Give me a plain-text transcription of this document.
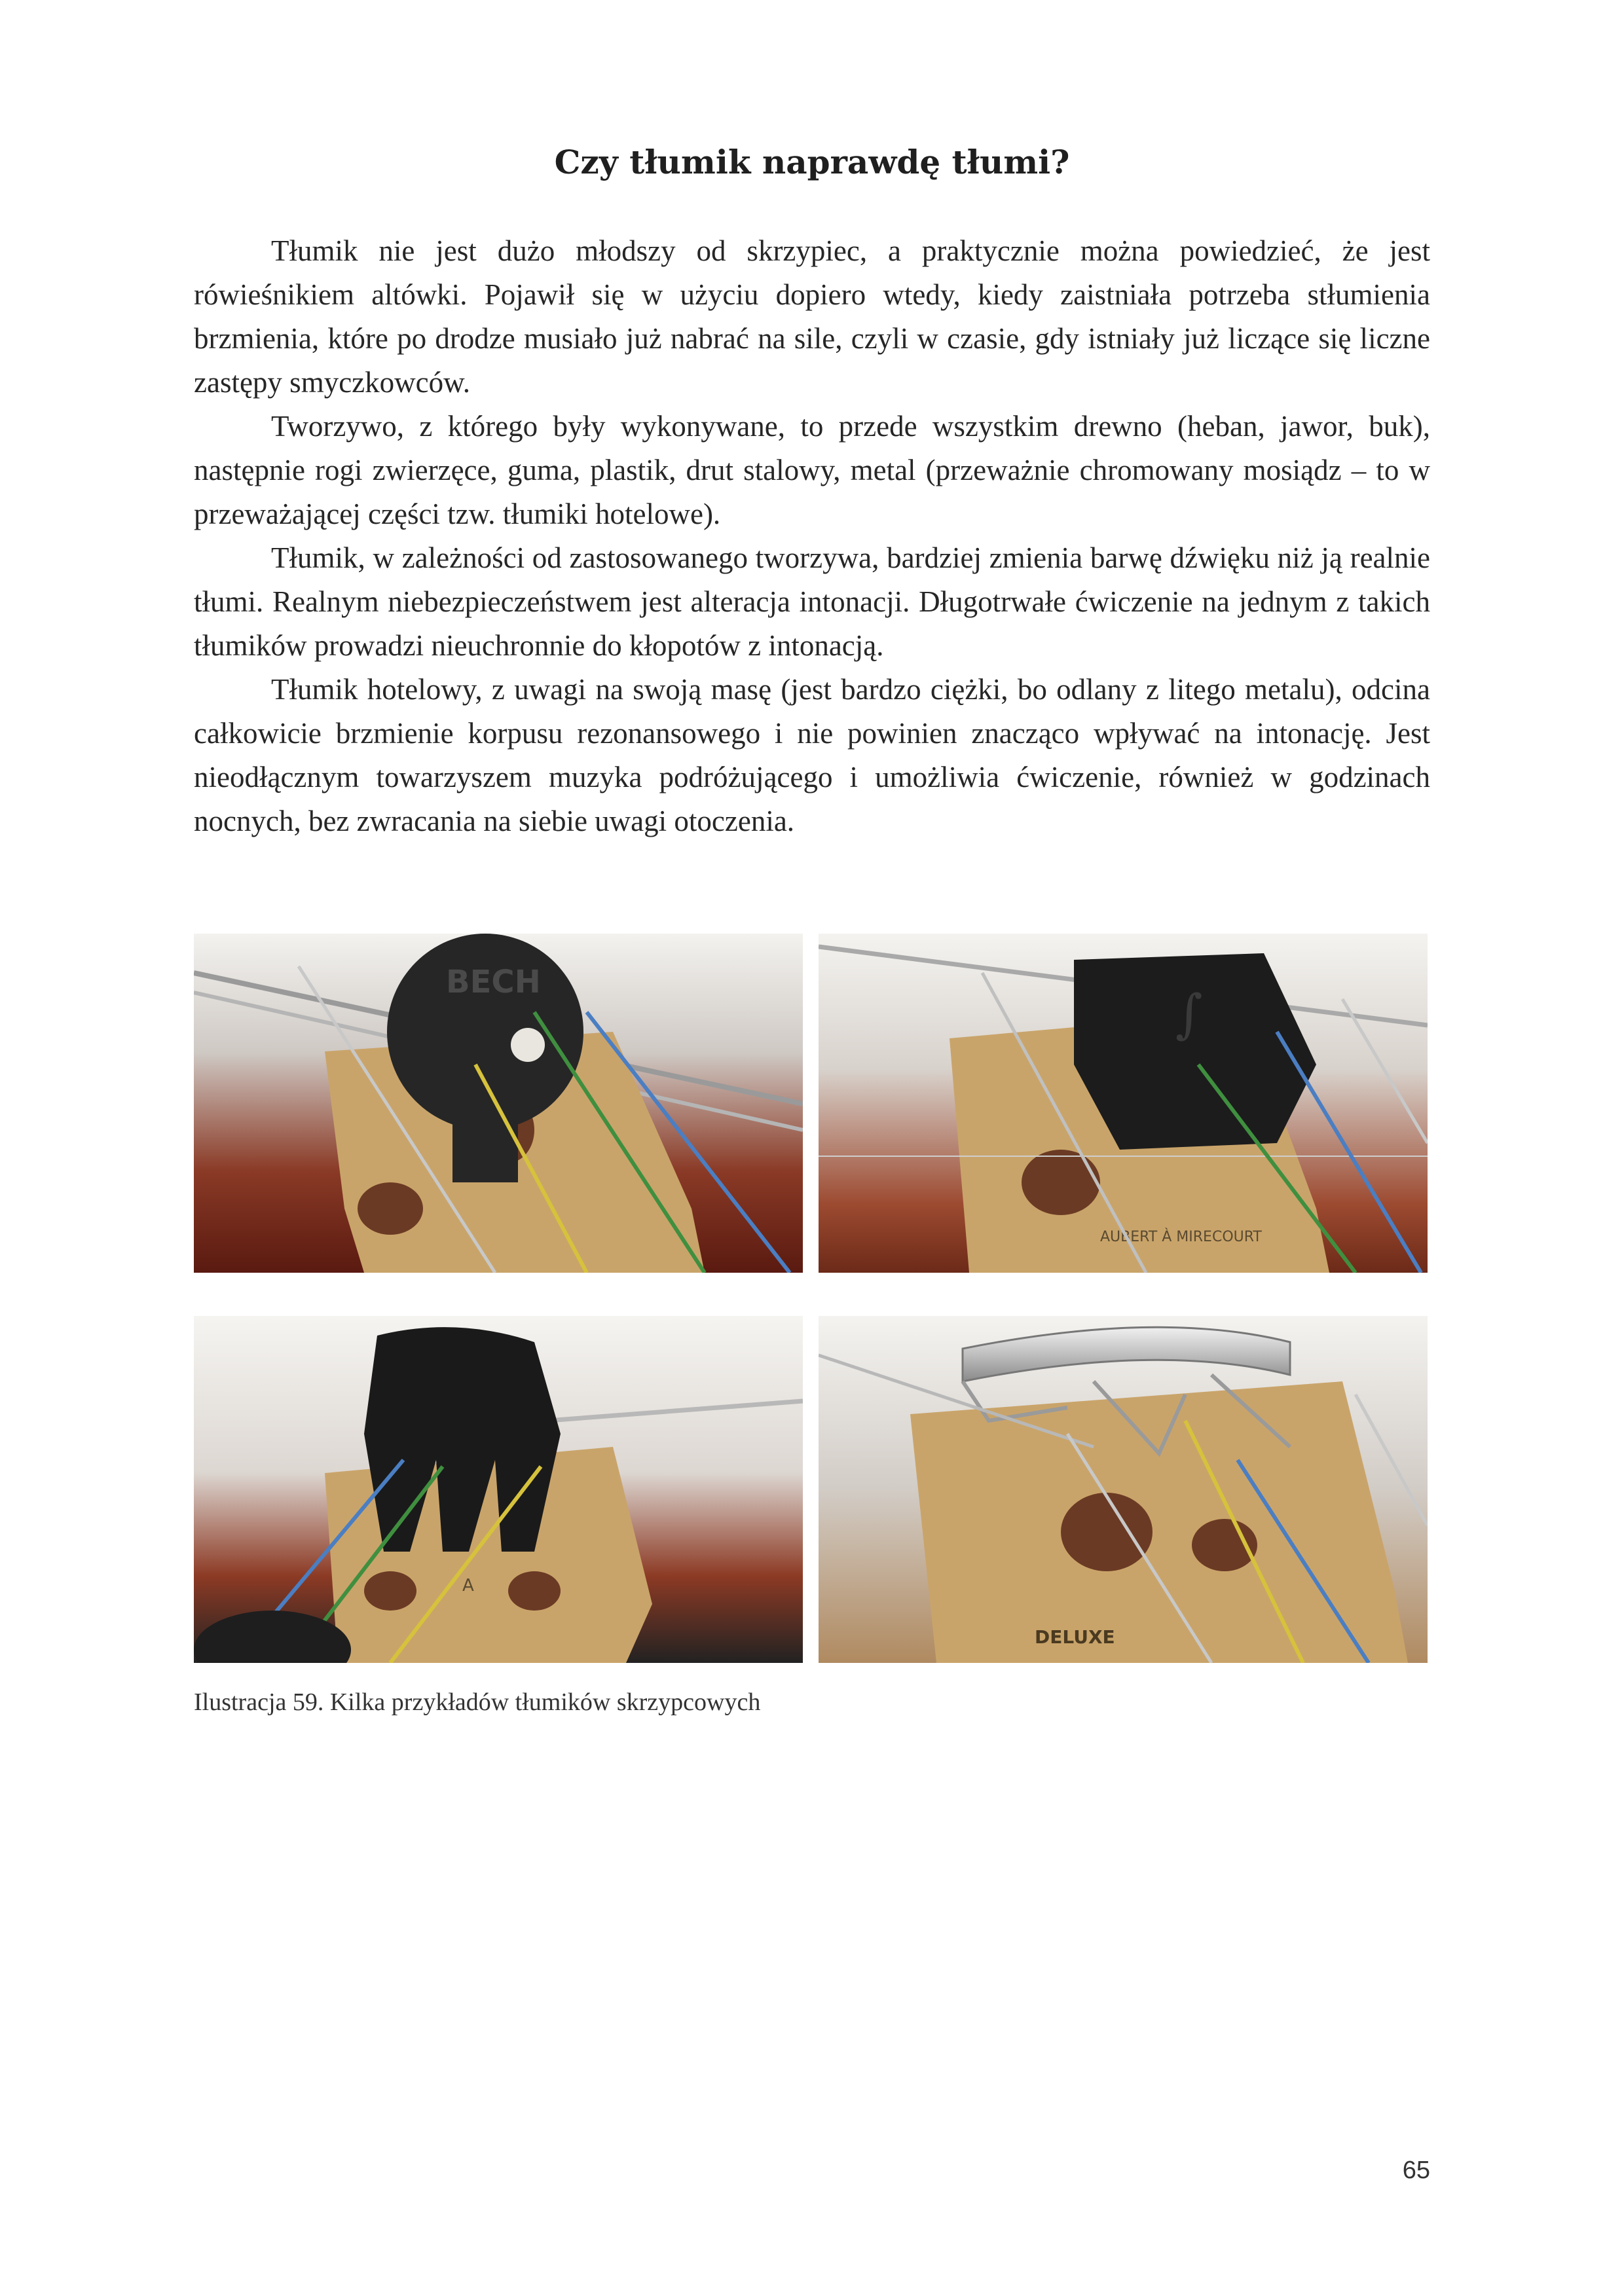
Czy tłumik naprawdę tłumi?

Tłumik nie jest dużo młodszy od skrzypiec, a praktycznie można powiedzieć, że jest rówieśnikiem altówki. Pojawił się w użyciu dopiero wtedy, kiedy zaistniała potrzeba stłumienia brzmienia, które po drodze musiało już nabrać na sile, czyli w czasie, gdy istniały już liczące się liczne zastępy smyczkowców.

Tworzywo, z którego były wykonywane, to przede wszystkim drewno (heban, jawor, buk), następnie rogi zwierzęce, guma, plastik, drut stalowy, metal (przeważnie chromowany mosiądz – to w przeważającej części tzw. tłumiki hotelowe).

Tłumik, w zależności od zastosowanego tworzywa, bardziej zmienia barwę dźwięku niż ją realnie tłumi. Realnym niebezpieczeństwem jest alteracja intonacji. Długotrwałe ćwiczenie na jednym z takich tłumików prowadzi nieuchronnie do kłopotów z intonacją.

Tłumik hotelowy, z uwagi na swoją masę (jest bardzo ciężki, bo odlany z litego metalu), odcina całkowicie brzmienie korpusu rezonansowego i nie powinien znacząco wpływać na intonację. Jest nieodłącznym towarzyszem muzyka podróżującego i umożliwia ćwiczenie, również w godzinach nocnych, bez zwracania na siebie uwagi otoczenia.

BECH
∫
AUBERT À MIRECOURT
A
DELUXE

Ilustracja 59. Kilka przykładów tłumików skrzypcowych

65
